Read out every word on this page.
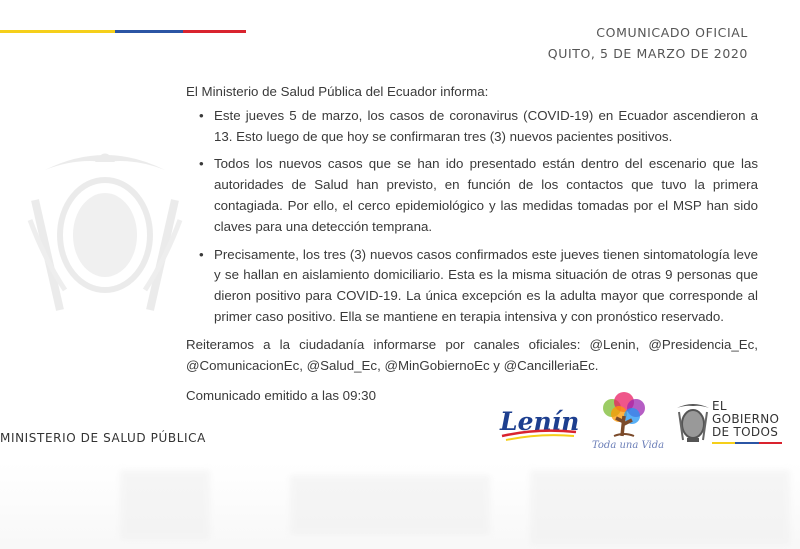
COMUNICADO OFICIAL
QUITO, 5 DE MARZO DE 2020

El Ministerio de Salud Pública del Ecuador informa:

• Este jueves 5 de marzo, los casos de coronavirus (COVID-19) en Ecuador ascendieron a 13. Esto luego de que hoy se confirmaran tres (3) nuevos pacientes positivos.
• Todos los nuevos casos que se han ido presentado están dentro del escenario que las autoridades de Salud han previsto, en función de los contactos que tuvo la primera contagiada. Por ello, el cerco epidemiológico y las medidas tomadas por el MSP han sido claves para una detección temprana.
• Precisamente, los tres (3) nuevos casos confirmados este jueves tienen sintomatología leve y se hallan en aislamiento domiciliario. Esta es la misma situación de otras 9 personas que dieron positivo para COVID-19. La única excepción es la adulta mayor que corresponde al primer caso positivo. Ella se mantiene en terapia intensiva y con pronóstico reservado.

Reiteramos a la ciudadanía informarse por canales oficiales: @Lenin, @Presidencia_Ec, @ComunicacionEc, @Salud_Ec, @MinGobiernoEc y @CancilleriaEc.

Comunicado emitido a las 09:30

MINISTERIO DE SALUD PÚBLICA
Lenín
Toda una Vida
EL
GOBIERNO
DE TODOS
